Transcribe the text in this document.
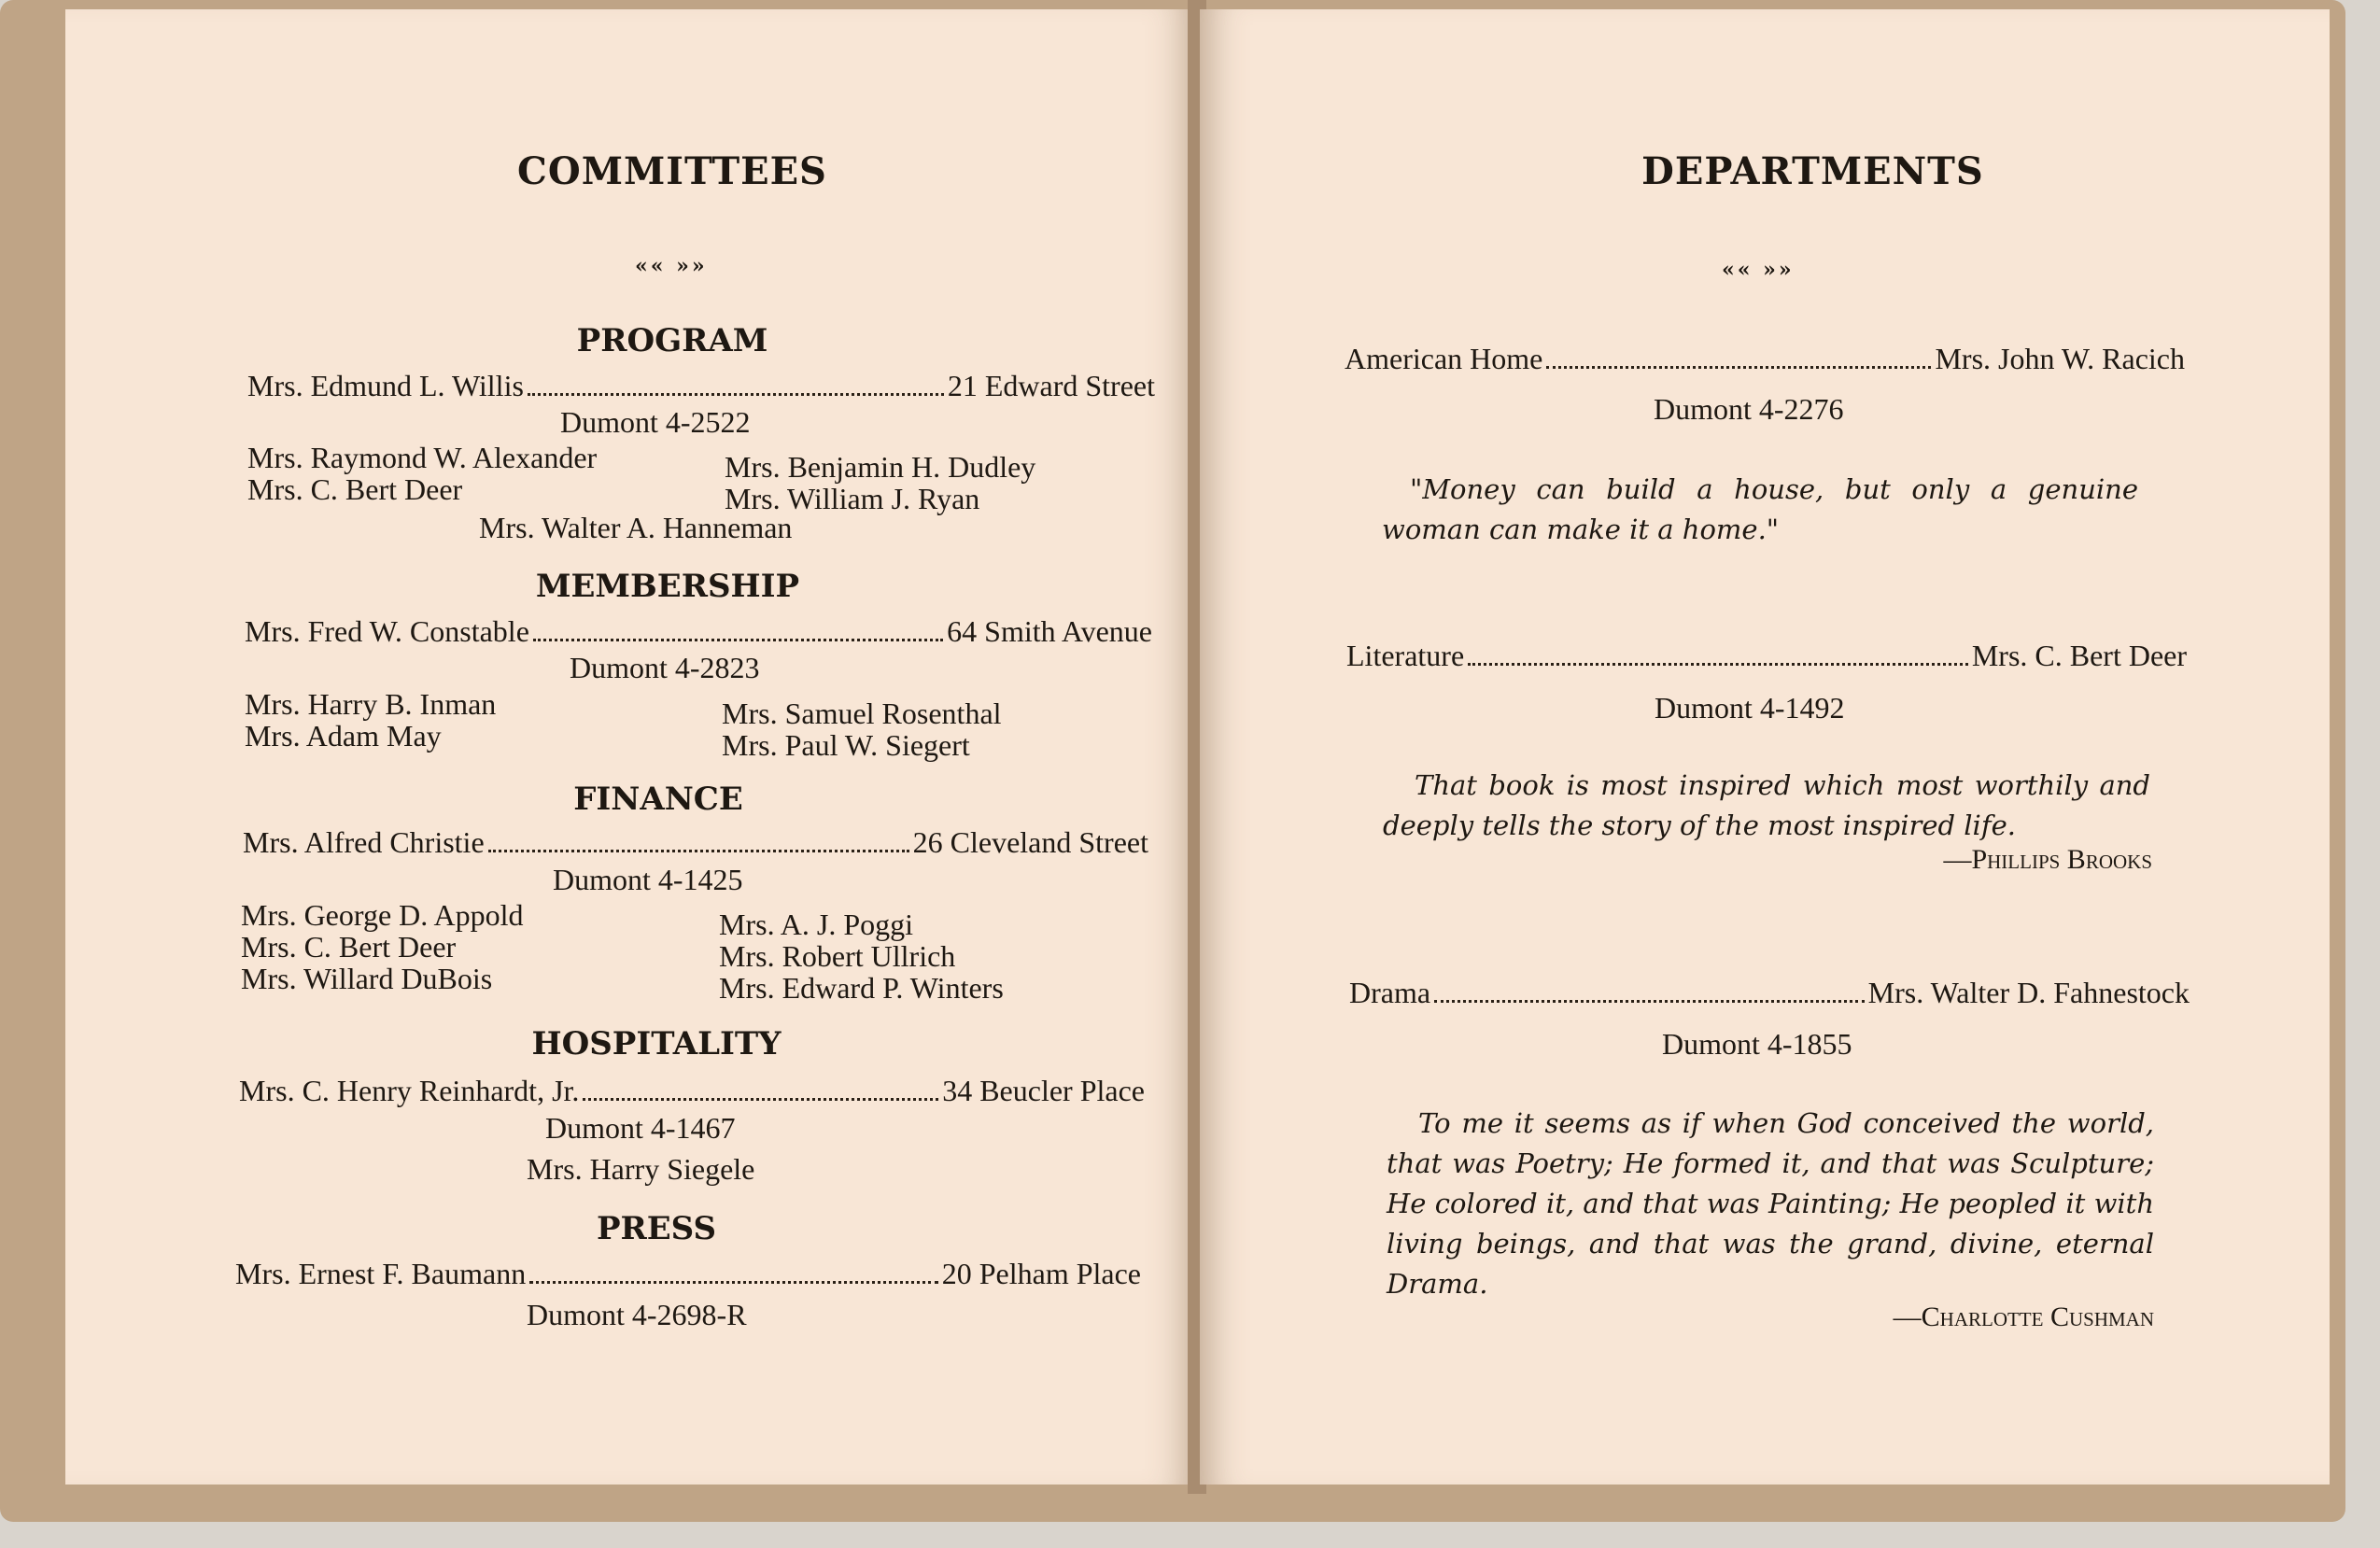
COMMITTEES
«« »»
PROGRAM
Mrs. Edmund L. Willis	21 Edward Street
Dumont 4-2522
Mrs. Raymond W. Alexander
Mrs. C. Bert Deer
Mrs. Benjamin H. Dudley
Mrs. William J. Ryan
Mrs. Walter A. Hanneman
MEMBERSHIP
Mrs. Fred W. Constable	64 Smith Avenue
Dumont 4-2823
Mrs. Harry B. Inman
Mrs. Adam May
Mrs. Samuel Rosenthal
Mrs. Paul W. Siegert
FINANCE
Mrs. Alfred Christie	26 Cleveland Street
Dumont 4-1425
Mrs. George D. Appold
Mrs. C. Bert Deer
Mrs. Willard DuBois
Mrs. A. J. Poggi
Mrs. Robert Ullrich
Mrs. Edward P. Winters
HOSPITALITY
Mrs. C. Henry Reinhardt, Jr.	34 Beucler Place
Dumont 4-1467
Mrs. Harry Siegele
PRESS
Mrs. Ernest F. Baumann	20 Pelham Place
Dumont 4-2698-R
DEPARTMENTS
«« »»
American Home	Mrs. John W. Racich
Dumont 4-2276
"Money can build a house, but only a genuine woman can make it a home."
Literature	Mrs. C. Bert Deer
Dumont 4-1492
That book is most inspired which most worthily and deeply tells the story of the most inspired life.
—Phillips Brooks
Drama	Mrs. Walter D. Fahnestock
Dumont 4-1855
To me it seems as if when God conceived the world, that was Poetry; He formed it, and that was Sculpture; He colored it, and that was Painting; He peopled it with living beings, and that was the grand, divine, eternal Drama.
—Charlotte Cushman
